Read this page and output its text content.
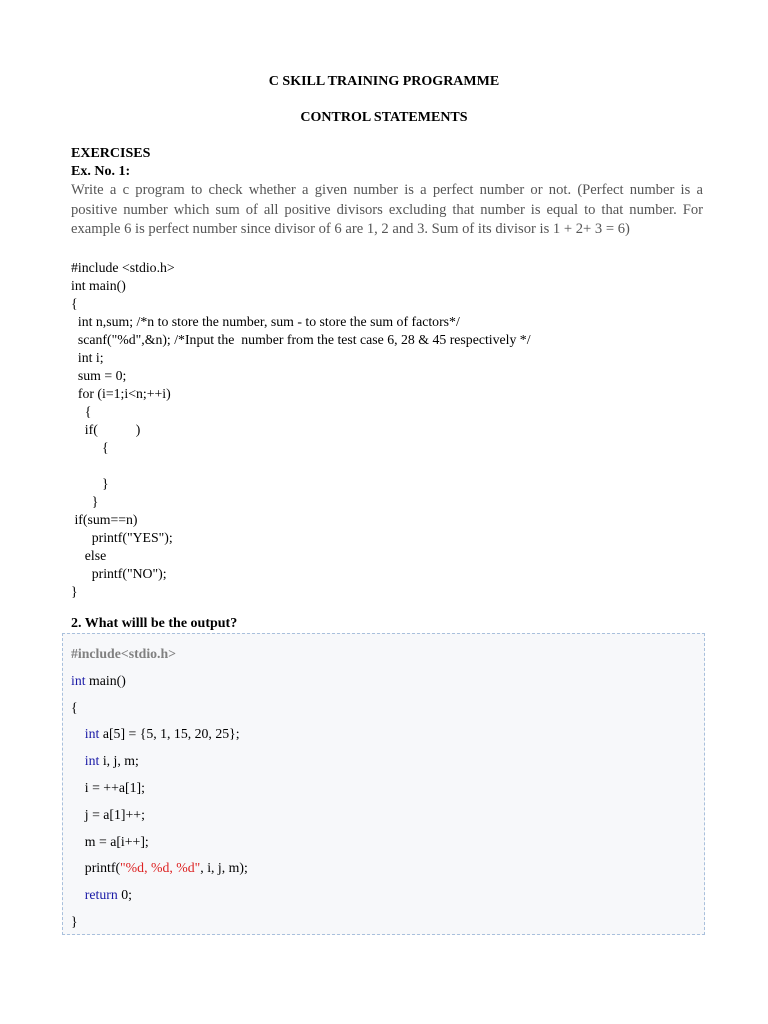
C SKILL TRAINING PROGRAMME
CONTROL STATEMENTS
EXERCISES
Ex. No. 1:
Write a c program to check whether a given number is a perfect number or not. (Perfect number is a positive number which sum of all positive divisors excluding that number is equal to that number. For example 6 is perfect number since divisor of 6 are 1, 2 and 3. Sum of its divisor is 1 + 2+ 3 = 6)
#include <stdio.h>
int main()
{
int n,sum; /*n to store the number, sum - to store the sum of factors*/
scanf("%d",&n); /*Input the  number from the test case 6, 28 & 45 respectively */
int i;
sum = 0;
for (i=1;i<n;++i)
{
if(           )
{

}
}
if(sum==n)
printf("YES");
else
printf("NO");
}
2. What willl be the output?
#include<stdio.h>
int main()
{
int a[5] = {5, 1, 15, 20, 25};
int i, j, m;
i = ++a[1];
j = a[1]++;
m = a[i++];
printf("%d, %d, %d", i, j, m);
return 0;
}
